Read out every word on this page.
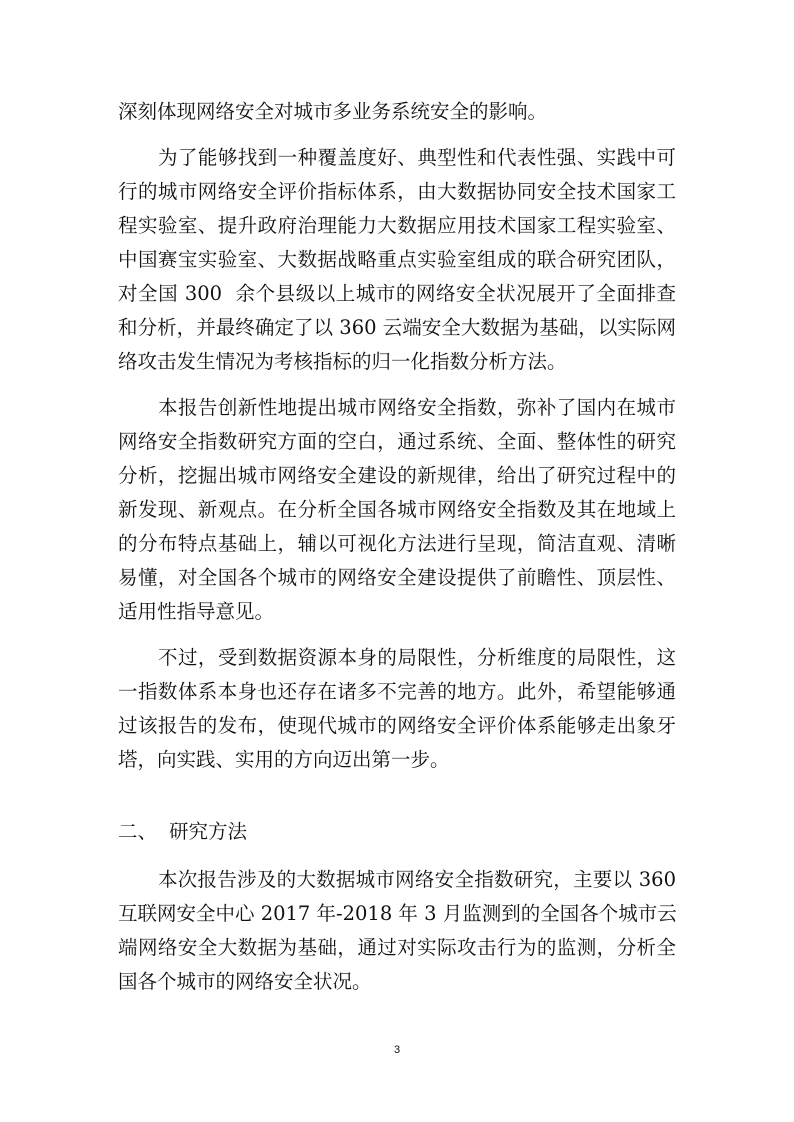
深刻体现网络安全对城市多业务系统安全的影响。
为了能够找到一种覆盖度好、典型性和代表性强、实践中可
行的城市网络安全评价指标体系，由大数据协同安全技术国家工
程实验室、提升政府治理能力大数据应用技术国家工程实验室、
中国赛宝实验室、大数据战略重点实验室组成的联合研究团队，
对全国 300  余个县级以上城市的网络安全状况展开了全面排查
和分析，并最终确定了以 360 云端安全大数据为基础，以实际网
络攻击发生情况为考核指标的归一化指数分析方法。
本报告创新性地提出城市网络安全指数，弥补了国内在城市
网络安全指数研究方面的空白，通过系统、全面、整体性的研究
分析，挖掘出城市网络安全建设的新规律，给出了研究过程中的
新发现、新观点。在分析全国各城市网络安全指数及其在地域上
的分布特点基础上，辅以可视化方法进行呈现，简洁直观、清晰
易懂，对全国各个城市的网络安全建设提供了前瞻性、顶层性、
适用性指导意见。
不过，受到数据资源本身的局限性，分析维度的局限性，这
一指数体系本身也还存在诸多不完善的地方。此外，希望能够通
过该报告的发布，使现代城市的网络安全评价体系能够走出象牙
塔，向实践、实用的方向迈出第一步。
二、 研究方法
本次报告涉及的大数据城市网络安全指数研究，主要以 360
互联网安全中心 2017 年-2018 年 3 月监测到的全国各个城市云
端网络安全大数据为基础，通过对实际攻击行为的监测，分析全
国各个城市的网络安全状况。
3
